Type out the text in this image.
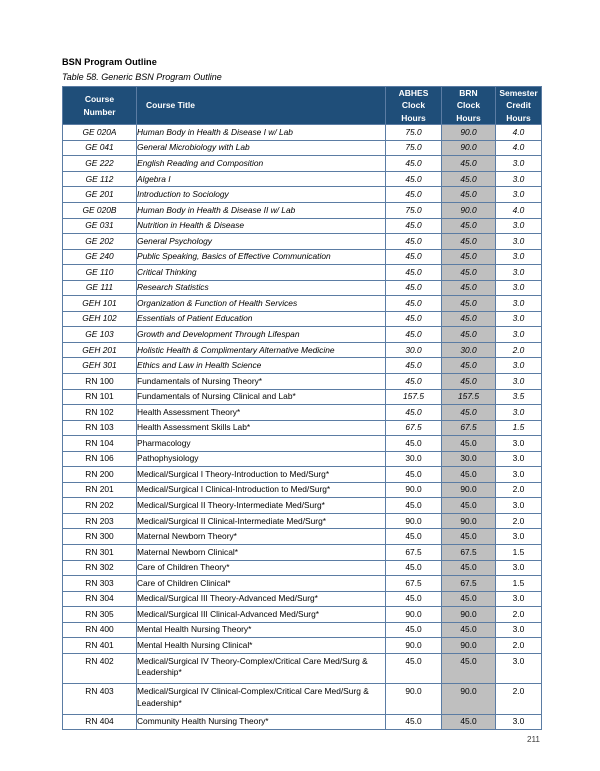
BSN Program Outline
Table 58. Generic BSN Program Outline
Course
Number	Course Title	ABHES
Clock
Hours	BRN
Clock
Hours	Semester
Credit
Hours
GE 020A	Human Body in Health & Disease I w/ Lab	75.0	90.0	4.0
GE 041	General Microbiology with Lab	75.0	90.0	4.0
GE 222	English Reading and Composition	45.0	45.0	3.0
GE 112	Algebra I	45.0	45.0	3.0
GE 201	Introduction to Sociology	45.0	45.0	3.0
GE 020B	Human Body in Health & Disease II w/ Lab	75.0	90.0	4.0
GE 031	Nutrition in Health & Disease	45.0	45.0	3.0
GE 202	General Psychology	45.0	45.0	3.0
GE 240	Public Speaking, Basics of Effective Communication	45.0	45.0	3.0
GE 110	Critical Thinking	45.0	45.0	3.0
GE 111	Research Statistics	45.0	45.0	3.0
GEH 101	Organization & Function of Health Services	45.0	45.0	3.0
GEH 102	Essentials of Patient Education	45.0	45.0	3.0
GE 103	Growth and Development Through Lifespan	45.0	45.0	3.0
GEH 201	Holistic Health & Complimentary Alternative Medicine	30.0	30.0	2.0
GEH 301	Ethics and Law in Health Science	45.0	45.0	3.0
RN 100	Fundamentals of Nursing Theory*	45.0	45.0	3.0
RN 101	Fundamentals of Nursing Clinical and Lab*	157.5	157.5	3.5
RN 102	Health Assessment Theory*	45.0	45.0	3.0
RN 103	Health Assessment Skills Lab*	67.5	67.5	1.5
RN 104	Pharmacology	45.0	45.0	3.0
RN 106	Pathophysiology	30.0	30.0	3.0
RN 200	Medical/Surgical I Theory-Introduction to Med/Surg*	45.0	45.0	3.0
RN 201	Medical/Surgical I Clinical-Introduction to Med/Surg*	90.0	90.0	2.0
RN 202	Medical/Surgical II Theory-Intermediate Med/Surg*	45.0	45.0	3.0
RN 203	Medical/Surgical II Clinical-Intermediate Med/Surg*	90.0	90.0	2.0
RN 300	Maternal Newborn Theory*	45.0	45.0	3.0
RN 301	Maternal Newborn Clinical*	67.5	67.5	1.5
RN 302	Care of Children Theory*	45.0	45.0	3.0
RN 303	Care of Children Clinical*	67.5	67.5	1.5
RN 304	Medical/Surgical III Theory-Advanced Med/Surg*	45.0	45.0	3.0
RN 305	Medical/Surgical III Clinical-Advanced Med/Surg*	90.0	90.0	2.0
RN 400	Mental Health Nursing Theory*	45.0	45.0	3.0
RN 401	Mental Health Nursing Clinical*	90.0	90.0	2.0
RN 402	Medical/Surgical IV Theory-Complex/Critical Care Med/Surg & Leadership*	45.0	45.0	3.0
RN 403	Medical/Surgical IV Clinical-Complex/Critical Care Med/Surg & Leadership*	90.0	90.0	2.0
RN 404	Community Health Nursing Theory*	45.0	45.0	3.0
211
